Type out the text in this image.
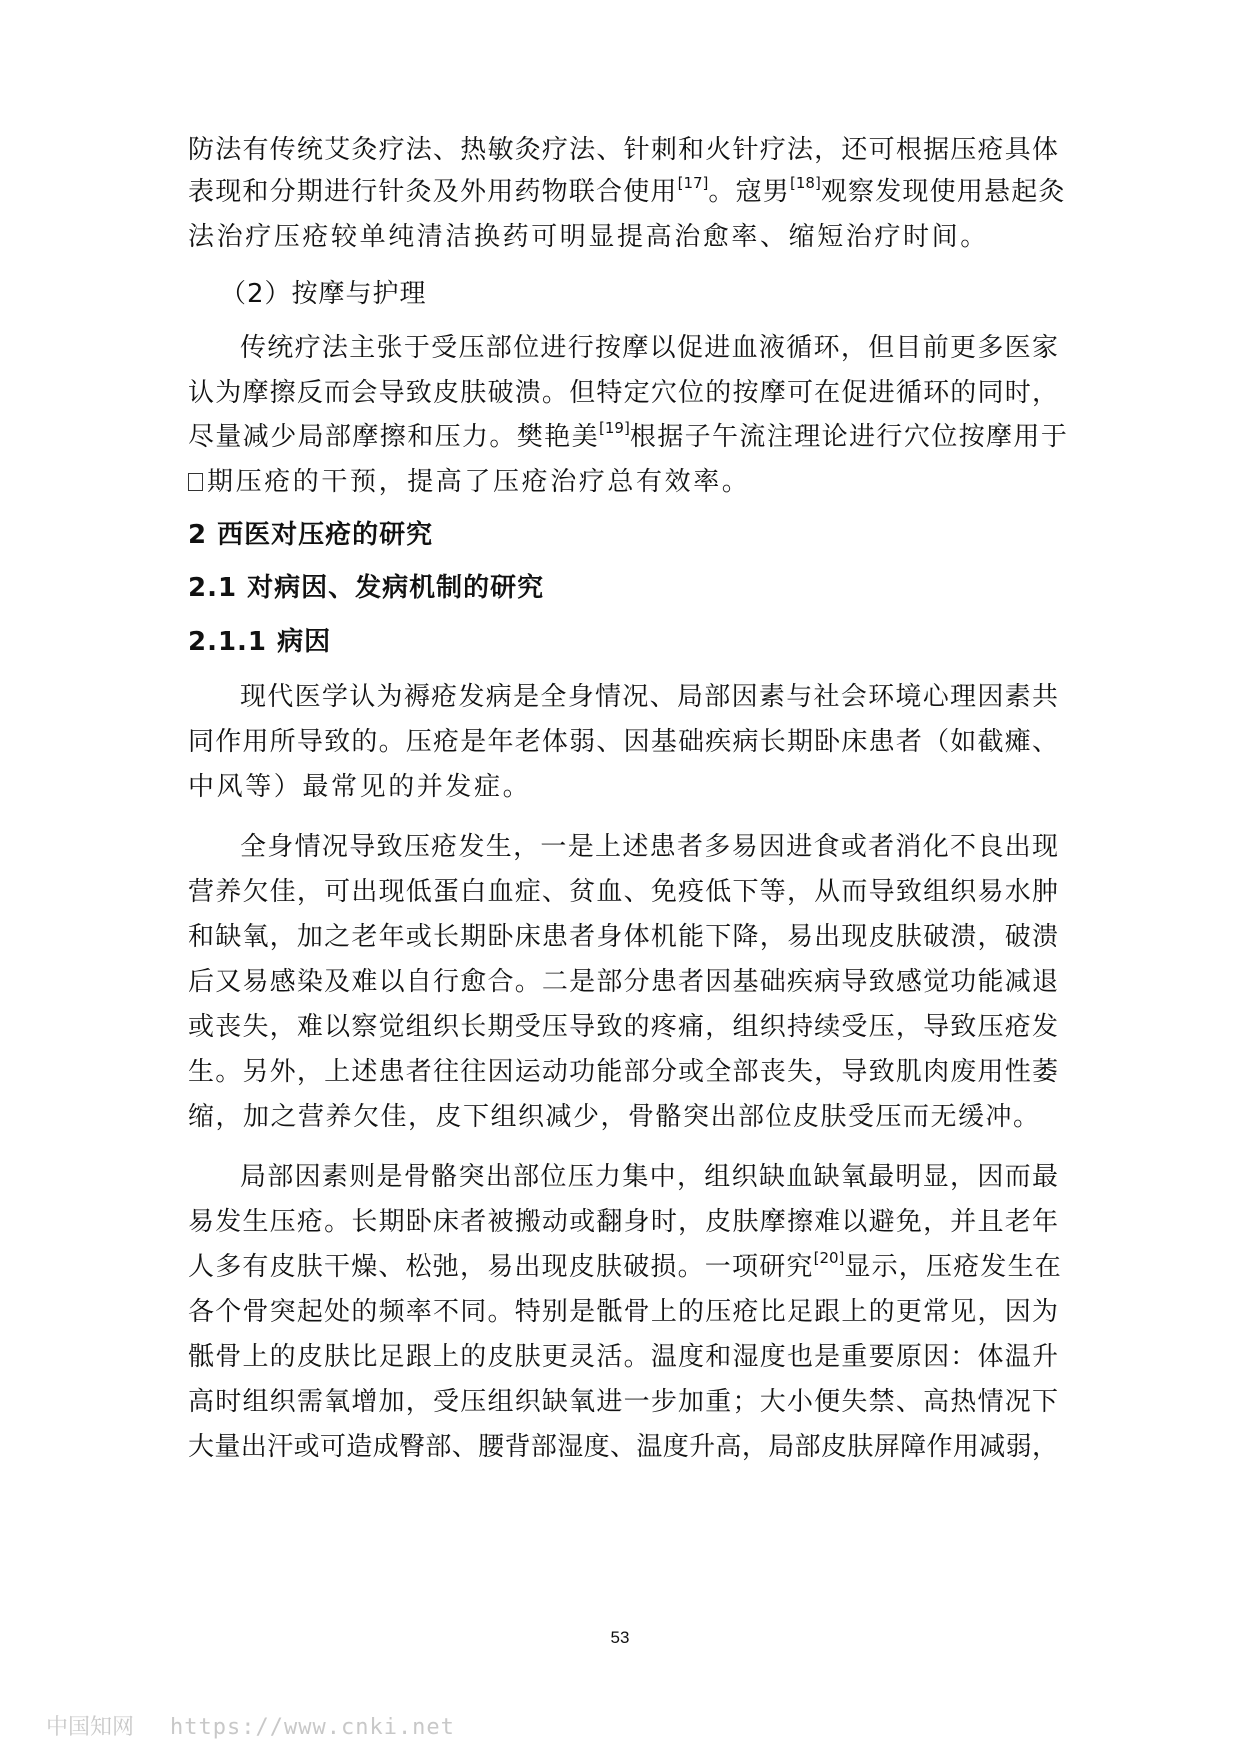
防法有传统艾灸疗法、热敏灸疗法、针刺和火针疗法，还可根据压疮具体
表现和分期进行针灸及外用药物联合使用[17]。寇男[18]观察发现使用悬起灸
法治疗压疮较单纯清洁换药可明显提高治愈率、缩短治疗时间。
（2）按摩与护理
传统疗法主张于受压部位进行按摩以促进血液循环，但目前更多医家
认为摩擦反而会导致皮肤破溃。但特定穴位的按摩可在促进循环的同时，
尽量减少局部摩擦和压力。樊艳美[19]根据子午流注理论进行穴位按摩用于
期压疮的干预，提高了压疮治疗总有效率。
2 西医对压疮的研究
2.1 对病因、发病机制的研究
2.1.1 病因
现代医学认为褥疮发病是全身情况、局部因素与社会环境心理因素共
同作用所导致的。压疮是年老体弱、因基础疾病长期卧床患者（如截瘫、
中风等）最常见的并发症。
全身情况导致压疮发生，一是上述患者多易因进食或者消化不良出现
营养欠佳，可出现低蛋白血症、贫血、免疫低下等，从而导致组织易水肿
和缺氧，加之老年或长期卧床患者身体机能下降，易出现皮肤破溃，破溃
后又易感染及难以自行愈合。二是部分患者因基础疾病导致感觉功能减退
或丧失，难以察觉组织长期受压导致的疼痛，组织持续受压，导致压疮发
生。另外，上述患者往往因运动功能部分或全部丧失，导致肌肉废用性萎
缩，加之营养欠佳，皮下组织减少，骨骼突出部位皮肤受压而无缓冲。
局部因素则是骨骼突出部位压力集中，组织缺血缺氧最明显，因而最
易发生压疮。长期卧床者被搬动或翻身时，皮肤摩擦难以避免，并且老年
人多有皮肤干燥、松弛，易出现皮肤破损。一项研究[20]显示，压疮发生在
各个骨突起处的频率不同。特别是骶骨上的压疮比足跟上的更常见，因为
骶骨上的皮肤比足跟上的皮肤更灵活。温度和湿度也是重要原因：体温升
高时组织需氧增加，受压组织缺氧进一步加重；大小便失禁、高热情况下
大量出汗或可造成臀部、腰背部湿度、温度升高，局部皮肤屏障作用减弱，
53
中国知网 https://www.cnki.net
